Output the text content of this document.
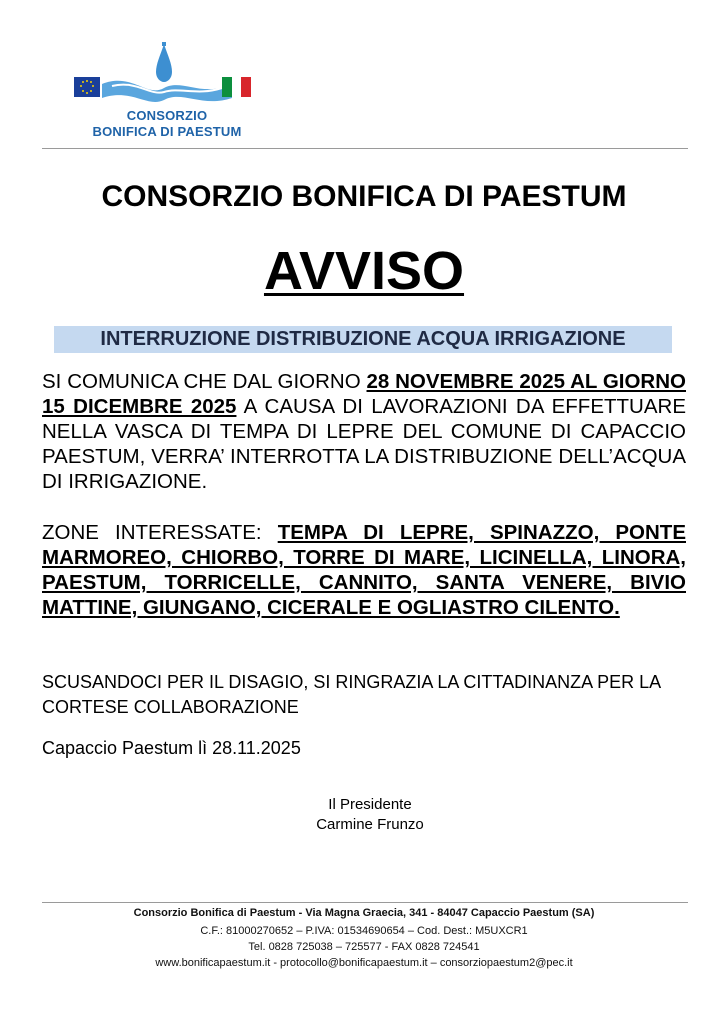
CONSORZIO
BONIFICA DI PAESTUM
CONSORZIO BONIFICA DI PAESTUM
AVVISO
INTERRUZIONE DISTRIBUZIONE ACQUA IRRIGAZIONE
SI COMUNICA CHE DAL GIORNO 28 NOVEMBRE 2025 AL GIORNO 15 DICEMBRE 2025 A CAUSA DI LAVORAZIONI DA EFFETTUARE NELLA VASCA DI TEMPA DI LEPRE DEL COMUNE DI CAPACCIO PAESTUM, VERRA’ INTERROTTA LA DISTRIBUZIONE DELL’ACQUA DI IRRIGAZIONE.
ZONE INTERESSATE: TEMPA DI LEPRE, SPINAZZO, PONTE MARMOREO, CHIORBO, TORRE DI MARE, LICINELLA, LINORA, PAESTUM, TORRICELLE, CANNITO, SANTA VENERE, BIVIO MATTINE, GIUNGANO, CICERALE E OGLIASTRO CILENTO.
SCUSANDOCI PER IL DISAGIO, SI RINGRAZIA LA CITTADINANZA PER LA CORTESE COLLABORAZIONE
Capaccio Paestum lì 28.11.2025
Il Presidente
Carmine Frunzo
Consorzio Bonifica di Paestum - Via Magna Graecia, 341 - 84047 Capaccio Paestum (SA)
C.F.: 81000270652 – P.IVA: 01534690654 – Cod. Dest.: M5UXCR1
Tel. 0828 725038 – 725577 - FAX 0828 724541
www.bonificapaestum.it - protocollo@bonificapaestum.it – consorziopaestum2@pec.it
